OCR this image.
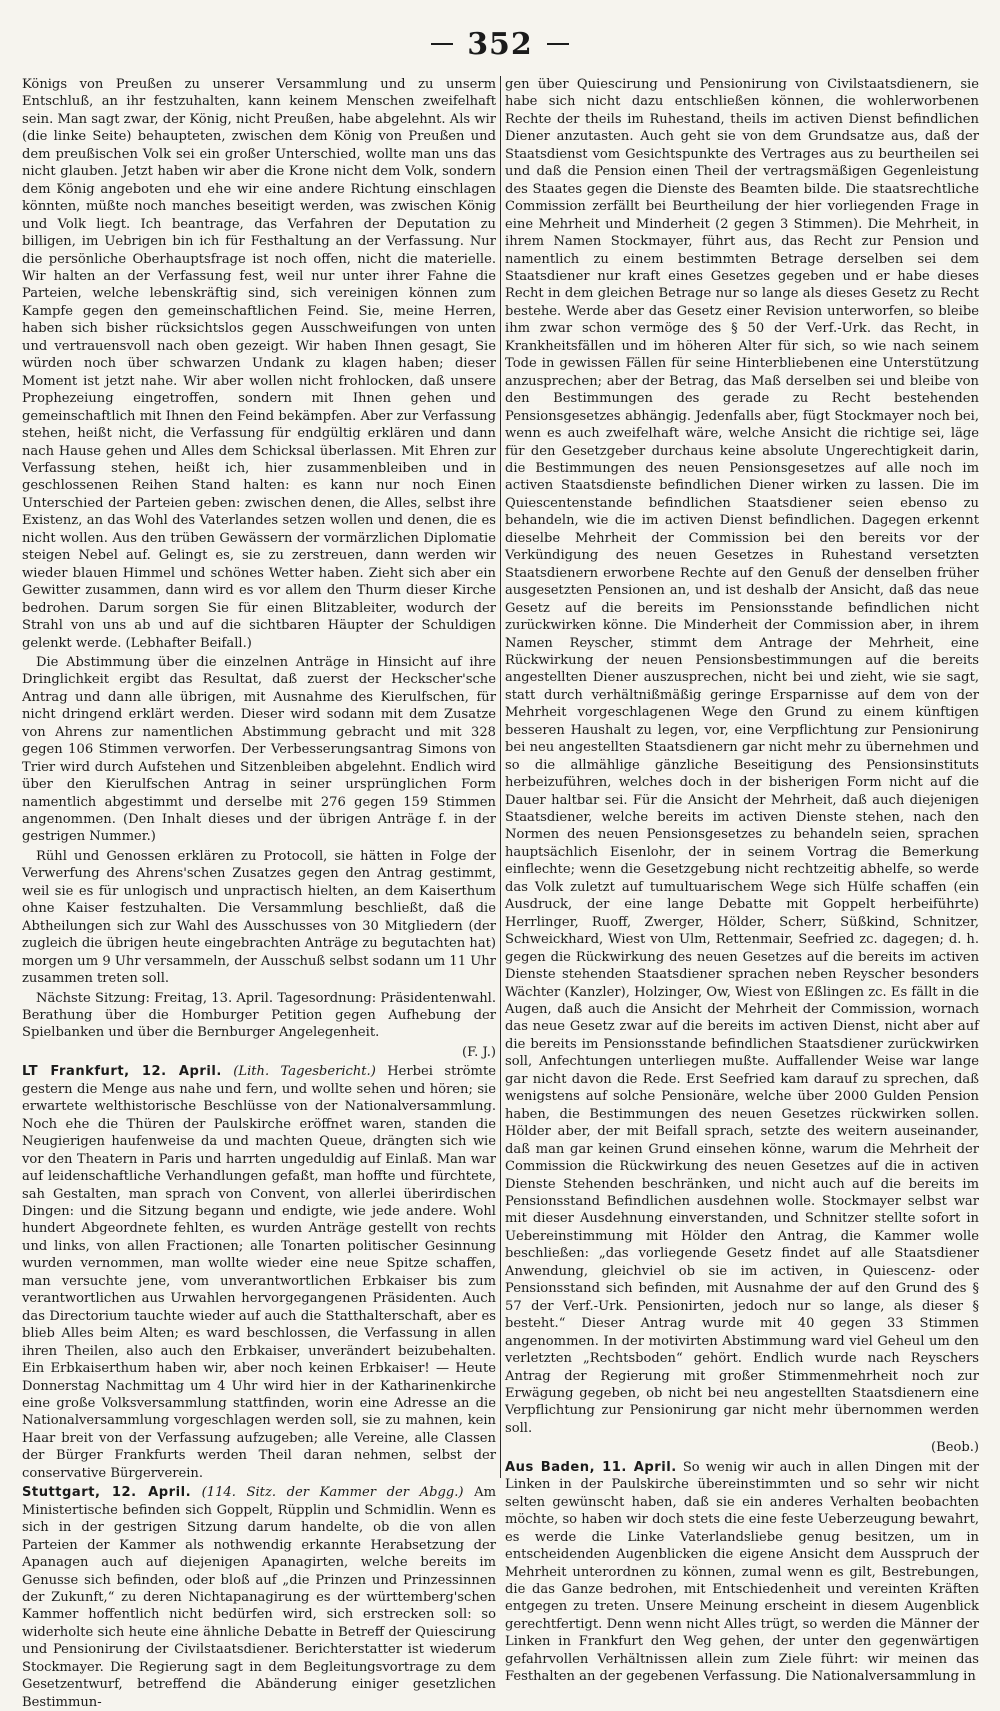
352

Königs von Preußen zu unserer Versammlung und zu unserm Entschluß, an ihr festzuhalten, kann keinem Menschen zweifelhaft sein. Man sagt zwar, der König, nicht Preußen, habe abgelehnt. Als wir (die linke Seite) behaupteten, zwischen dem König von Preußen und dem preußischen Volk sei ein großer Unterschied, wollte man uns das nicht glauben. Jetzt haben wir aber die Krone nicht dem Volk, sondern dem König angeboten und ehe wir eine andere Richtung einschlagen könnten, müßte noch manches beseitigt werden, was zwischen König und Volk liegt. Ich beantrage, das Verfahren der Deputation zu billigen, im Uebrigen bin ich für Festhaltung an der Verfassung. Nur die persönliche Oberhauptsfrage ist noch offen, nicht die materielle. Wir halten an der Verfassung fest, weil nur unter ihrer Fahne die Parteien, welche lebenskräftig sind, sich vereinigen können zum Kampfe gegen den gemeinschaftlichen Feind. Sie, meine Herren, haben sich bisher rücksichtslos gegen Ausschweifungen von unten und vertrauensvoll nach oben gezeigt. Wir haben Ihnen gesagt, Sie würden noch über schwarzen Undank zu klagen haben; dieser Moment ist jetzt nahe. Wir aber wollen nicht frohlocken, daß unsere Prophezeiung eingetroffen, sondern mit Ihnen gehen und gemeinschaftlich mit Ihnen den Feind bekämpfen. Aber zur Verfassung stehen, heißt nicht, die Verfassung für endgültig erklären und dann nach Hause gehen und Alles dem Schicksal überlassen. Mit Ehren zur Verfassung stehen, heißt ich, hier zusammenbleiben und in geschlossenen Reihen Stand halten: es kann nur noch Einen Unterschied der Parteien geben: zwischen denen, die Alles, selbst ihre Existenz, an das Wohl des Vaterlandes setzen wollen und denen, die es nicht wollen. Aus den trüben Gewässern der vormärzlichen Diplomatie steigen Nebel auf. Gelingt es, sie zu zerstreuen, dann werden wir wieder blauen Himmel und schönes Wetter haben. Zieht sich aber ein Gewitter zusammen, dann wird es vor allem den Thurm dieser Kirche bedrohen. Darum sorgen Sie für einen Blitzableiter, wodurch der Strahl von uns ab und auf die sichtbaren Häupter der Schuldigen gelenkt werde. (Lebhafter Beifall.)

Die Abstimmung über die einzelnen Anträge in Hinsicht auf ihre Dringlichkeit ergibt das Resultat, daß zuerst der Heckscher'sche Antrag und dann alle übrigen, mit Ausnahme des Kierulfschen, für nicht dringend erklärt werden. Dieser wird sodann mit dem Zusatze von Ahrens zur namentlichen Abstimmung gebracht und mit 328 gegen 106 Stimmen verworfen. Der Verbesserungsantrag Simons von Trier wird durch Aufstehen und Sitzenbleiben abgelehnt. Endlich wird über den Kierulfschen Antrag in seiner ursprünglichen Form namentlich abgestimmt und derselbe mit 276 gegen 159 Stimmen angenommen. (Den Inhalt dieses und der übrigen Anträge f. in der gestrigen Nummer.)

Rühl und Genossen erklären zu Protocoll, sie hätten in Folge der Verwerfung des Ahrens'schen Zusatzes gegen den Antrag gestimmt, weil sie es für unlogisch und unpractisch hielten, an dem Kaiserthum ohne Kaiser festzuhalten. Die Versammlung beschließt, daß die Abtheilungen sich zur Wahl des Ausschusses von 30 Mitgliedern (der zugleich die übrigen heute eingebrachten Anträge zu begutachten hat) morgen um 9 Uhr versammeln, der Ausschuß selbst sodann um 11 Uhr zusammen treten soll.

Nächste Sitzung: Freitag, 13. April. Tagesordnung: Präsidentenwahl. Berathung über die Homburger Petition gegen Aufhebung der Spielbanken und über die Bernburger Angelegenheit.

(F. J.)

LT Frankfurt, 12. April. (Lith. Tagesbericht.) Herbei strömte gestern die Menge aus nahe und fern, und wollte sehen und hören; sie erwartete welthistorische Beschlüsse von der Nationalversammlung. Noch ehe die Thüren der Paulskirche eröffnet waren, standen die Neugierigen haufenweise da und machten Queue, drängten sich wie vor den Theatern in Paris und harrten ungeduldig auf Einlaß. Man war auf leidenschaftliche Verhandlungen gefaßt, man hoffte und fürchtete, sah Gestalten, man sprach von Convent, von allerlei überirdischen Dingen: und die Sitzung begann und endigte, wie jede andere. Wohl hundert Abgeordnete fehlten, es wurden Anträge gestellt von rechts und links, von allen Fractionen; alle Tonarten politischer Gesinnung wurden vernommen, man wollte wieder eine neue Spitze schaffen, man versuchte jene, vom unverantwortlichen Erbkaiser bis zum verantwortlichen aus Urwahlen hervorgegangenen Präsidenten. Auch das Directorium tauchte wieder auf auch die Statthalterschaft, aber es blieb Alles beim Alten; es ward beschlossen, die Verfassung in allen ihren Theilen, also auch den Erbkaiser, unverändert beizubehalten. Ein Erbkaiserthum haben wir, aber noch keinen Erbkaiser! — Heute Donnerstag Nachmittag um 4 Uhr wird hier in der Katharinenkirche eine große Volksversammlung stattfinden, worin eine Adresse an die Nationalversammlung vorgeschlagen werden soll, sie zu mahnen, kein Haar breit von der Verfassung aufzugeben; alle Vereine, alle Classen der Bürger Frankfurts werden Theil daran nehmen, selbst der conservative Bürgerverein.

Stuttgart, 12. April. (114. Sitz. der Kammer der Abgg.) Am Ministertische befinden sich Goppelt, Rüpplin und Schmidlin. Wenn es sich in der gestrigen Sitzung darum handelte, ob die von allen Parteien der Kammer als nothwendig erkannte Herabsetzung der Apanagen auch auf diejenigen Apanagirten, welche bereits im Genusse sich befinden, oder bloß auf „die Prinzen und Prinzessinnen der Zukunft,“ zu deren Nichtapanagirung es der württemberg'schen Kammer hoffentlich nicht bedürfen wird, sich erstrecken soll: so widerholte sich heute eine ähnliche Debatte in Betreff der Quiescirung und Pensionirung der Civilstaatsdiener. Berichterstatter ist wiederum Stockmayer. Die Regierung sagt in dem Begleitungsvortrage zu dem Gesetzentwurf, betreffend die Abänderung einiger gesetzlichen Bestimmun-

gen über Quiescirung und Pensionirung von Civilstaatsdienern, sie habe sich nicht dazu entschließen können, die wohlerworbenen Rechte der theils im Ruhestand, theils im activen Dienst befindlichen Diener anzutasten. Auch geht sie von dem Grundsatze aus, daß der Staatsdienst vom Gesichtspunkte des Vertrages aus zu beurtheilen sei und daß die Pension einen Theil der vertragsmäßigen Gegenleistung des Staates gegen die Dienste des Beamten bilde. Die staatsrechtliche Commission zerfällt bei Beurtheilung der hier vorliegenden Frage in eine Mehrheit und Minderheit (2 gegen 3 Stimmen). Die Mehrheit, in ihrem Namen Stockmayer, führt aus, das Recht zur Pension und namentlich zu einem bestimmten Betrage derselben sei dem Staatsdiener nur kraft eines Gesetzes gegeben und er habe dieses Recht in dem gleichen Betrage nur so lange als dieses Gesetz zu Recht bestehe. Werde aber das Gesetz einer Revision unterworfen, so bleibe ihm zwar schon vermöge des § 50 der Verf.-Urk. das Recht, in Krankheitsfällen und im höheren Alter für sich, so wie nach seinem Tode in gewissen Fällen für seine Hinterbliebenen eine Unterstützung anzusprechen; aber der Betrag, das Maß derselben sei und bleibe von den Bestimmungen des gerade zu Recht bestehenden Pensionsgesetzes abhängig. Jedenfalls aber, fügt Stockmayer noch bei, wenn es auch zweifelhaft wäre, welche Ansicht die richtige sei, läge für den Gesetzgeber durchaus keine absolute Ungerechtigkeit darin, die Bestimmungen des neuen Pensionsgesetzes auf alle noch im activen Staatsdienste befindlichen Diener wirken zu lassen. Die im Quiescentenstande befindlichen Staatsdiener seien ebenso zu behandeln, wie die im activen Dienst befindlichen. Dagegen erkennt dieselbe Mehrheit der Commission bei den bereits vor der Verkündigung des neuen Gesetzes in Ruhestand versetzten Staatsdienern erworbene Rechte auf den Genuß der denselben früher ausgesetzten Pensionen an, und ist deshalb der Ansicht, daß das neue Gesetz auf die bereits im Pensionsstande befindlichen nicht zurückwirken könne. Die Minderheit der Commission aber, in ihrem Namen Reyscher, stimmt dem Antrage der Mehrheit, eine Rückwirkung der neuen Pensionsbestimmungen auf die bereits angestellten Diener auszusprechen, nicht bei und zieht, wie sie sagt, statt durch verhältnißmäßig geringe Ersparnisse auf dem von der Mehrheit vorgeschlagenen Wege den Grund zu einem künftigen besseren Haushalt zu legen, vor, eine Verpflichtung zur Pensionirung bei neu angestellten Staatsdienern gar nicht mehr zu übernehmen und so die allmählige gänzliche Beseitigung des Pensionsinstituts herbeizuführen, welches doch in der bisherigen Form nicht auf die Dauer haltbar sei. Für die Ansicht der Mehrheit, daß auch diejenigen Staatsdiener, welche bereits im activen Dienste stehen, nach den Normen des neuen Pensionsgesetzes zu behandeln seien, sprachen hauptsächlich Eisenlohr, der in seinem Vortrag die Bemerkung einflechte; wenn die Gesetzgebung nicht rechtzeitig abhelfe, so werde das Volk zuletzt auf tumultuarischem Wege sich Hülfe schaffen (ein Ausdruck, der eine lange Debatte mit Goppelt herbeiführte) Herrlinger, Ruoff, Zwerger, Hölder, Scherr, Süßkind, Schnitzer, Schweickhard, Wiest von Ulm, Rettenmair, Seefried zc. dagegen; d. h. gegen die Rückwirkung des neuen Gesetzes auf die bereits im activen Dienste stehenden Staatsdiener sprachen neben Reyscher besonders Wächter (Kanzler), Holzinger, Ow, Wiest von Eßlingen zc. Es fällt in die Augen, daß auch die Ansicht der Mehrheit der Commission, wornach das neue Gesetz zwar auf die bereits im activen Dienst, nicht aber auf die bereits im Pensionsstande befindlichen Staatsdiener zurückwirken soll, Anfechtungen unterliegen mußte. Auffallender Weise war lange gar nicht davon die Rede. Erst Seefried kam darauf zu sprechen, daß wenigstens auf solche Pensionäre, welche über 2000 Gulden Pension haben, die Bestimmungen des neuen Gesetzes rückwirken sollen. Hölder aber, der mit Beifall sprach, setzte des weitern auseinander, daß man gar keinen Grund einsehen könne, warum die Mehrheit der Commission die Rückwirkung des neuen Gesetzes auf die in activen Dienste Stehenden beschränken, und nicht auch auf die bereits im Pensionsstand Befindlichen ausdehnen wolle. Stockmayer selbst war mit dieser Ausdehnung einverstanden, und Schnitzer stellte sofort in Uebereinstimmung mit Hölder den Antrag, die Kammer wolle beschließen: „das vorliegende Gesetz findet auf alle Staatsdiener Anwendung, gleichviel ob sie im activen, in Quiescenz- oder Pensionsstand sich befinden, mit Ausnahme der auf den Grund des § 57 der Verf.-Urk. Pensionirten, jedoch nur so lange, als dieser § besteht.“ Dieser Antrag wurde mit 40 gegen 33 Stimmen angenommen. In der motivirten Abstimmung ward viel Geheul um den verletzten „Rechtsboden“ gehört. Endlich wurde nach Reyschers Antrag der Regierung mit großer Stimmenmehrheit noch zur Erwägung gegeben, ob nicht bei neu angestellten Staatsdienern eine Verpflichtung zur Pensionirung gar nicht mehr übernommen werden soll.

(Beob.)

Aus Baden, 11. April. So wenig wir auch in allen Dingen mit der Linken in der Paulskirche übereinstimmten und so sehr wir nicht selten gewünscht haben, daß sie ein anderes Verhalten beobachten möchte, so haben wir doch stets die eine feste Ueberzeugung bewahrt, es werde die Linke Vaterlandsliebe genug besitzen, um in entscheidenden Augenblicken die eigene Ansicht dem Ausspruch der Mehrheit unterordnen zu können, zumal wenn es gilt, Bestrebungen, die das Ganze bedrohen, mit Entschiedenheit und vereinten Kräften entgegen zu treten. Unsere Meinung erscheint in diesem Augenblick gerechtfertigt. Denn wenn nicht Alles trügt, so werden die Männer der Linken in Frankfurt den Weg gehen, der unter den gegenwärtigen gefahrvollen Verhältnissen allein zum Ziele führt: wir meinen das Festhalten an der gegebenen Verfassung. Die Nationalversammlung in
